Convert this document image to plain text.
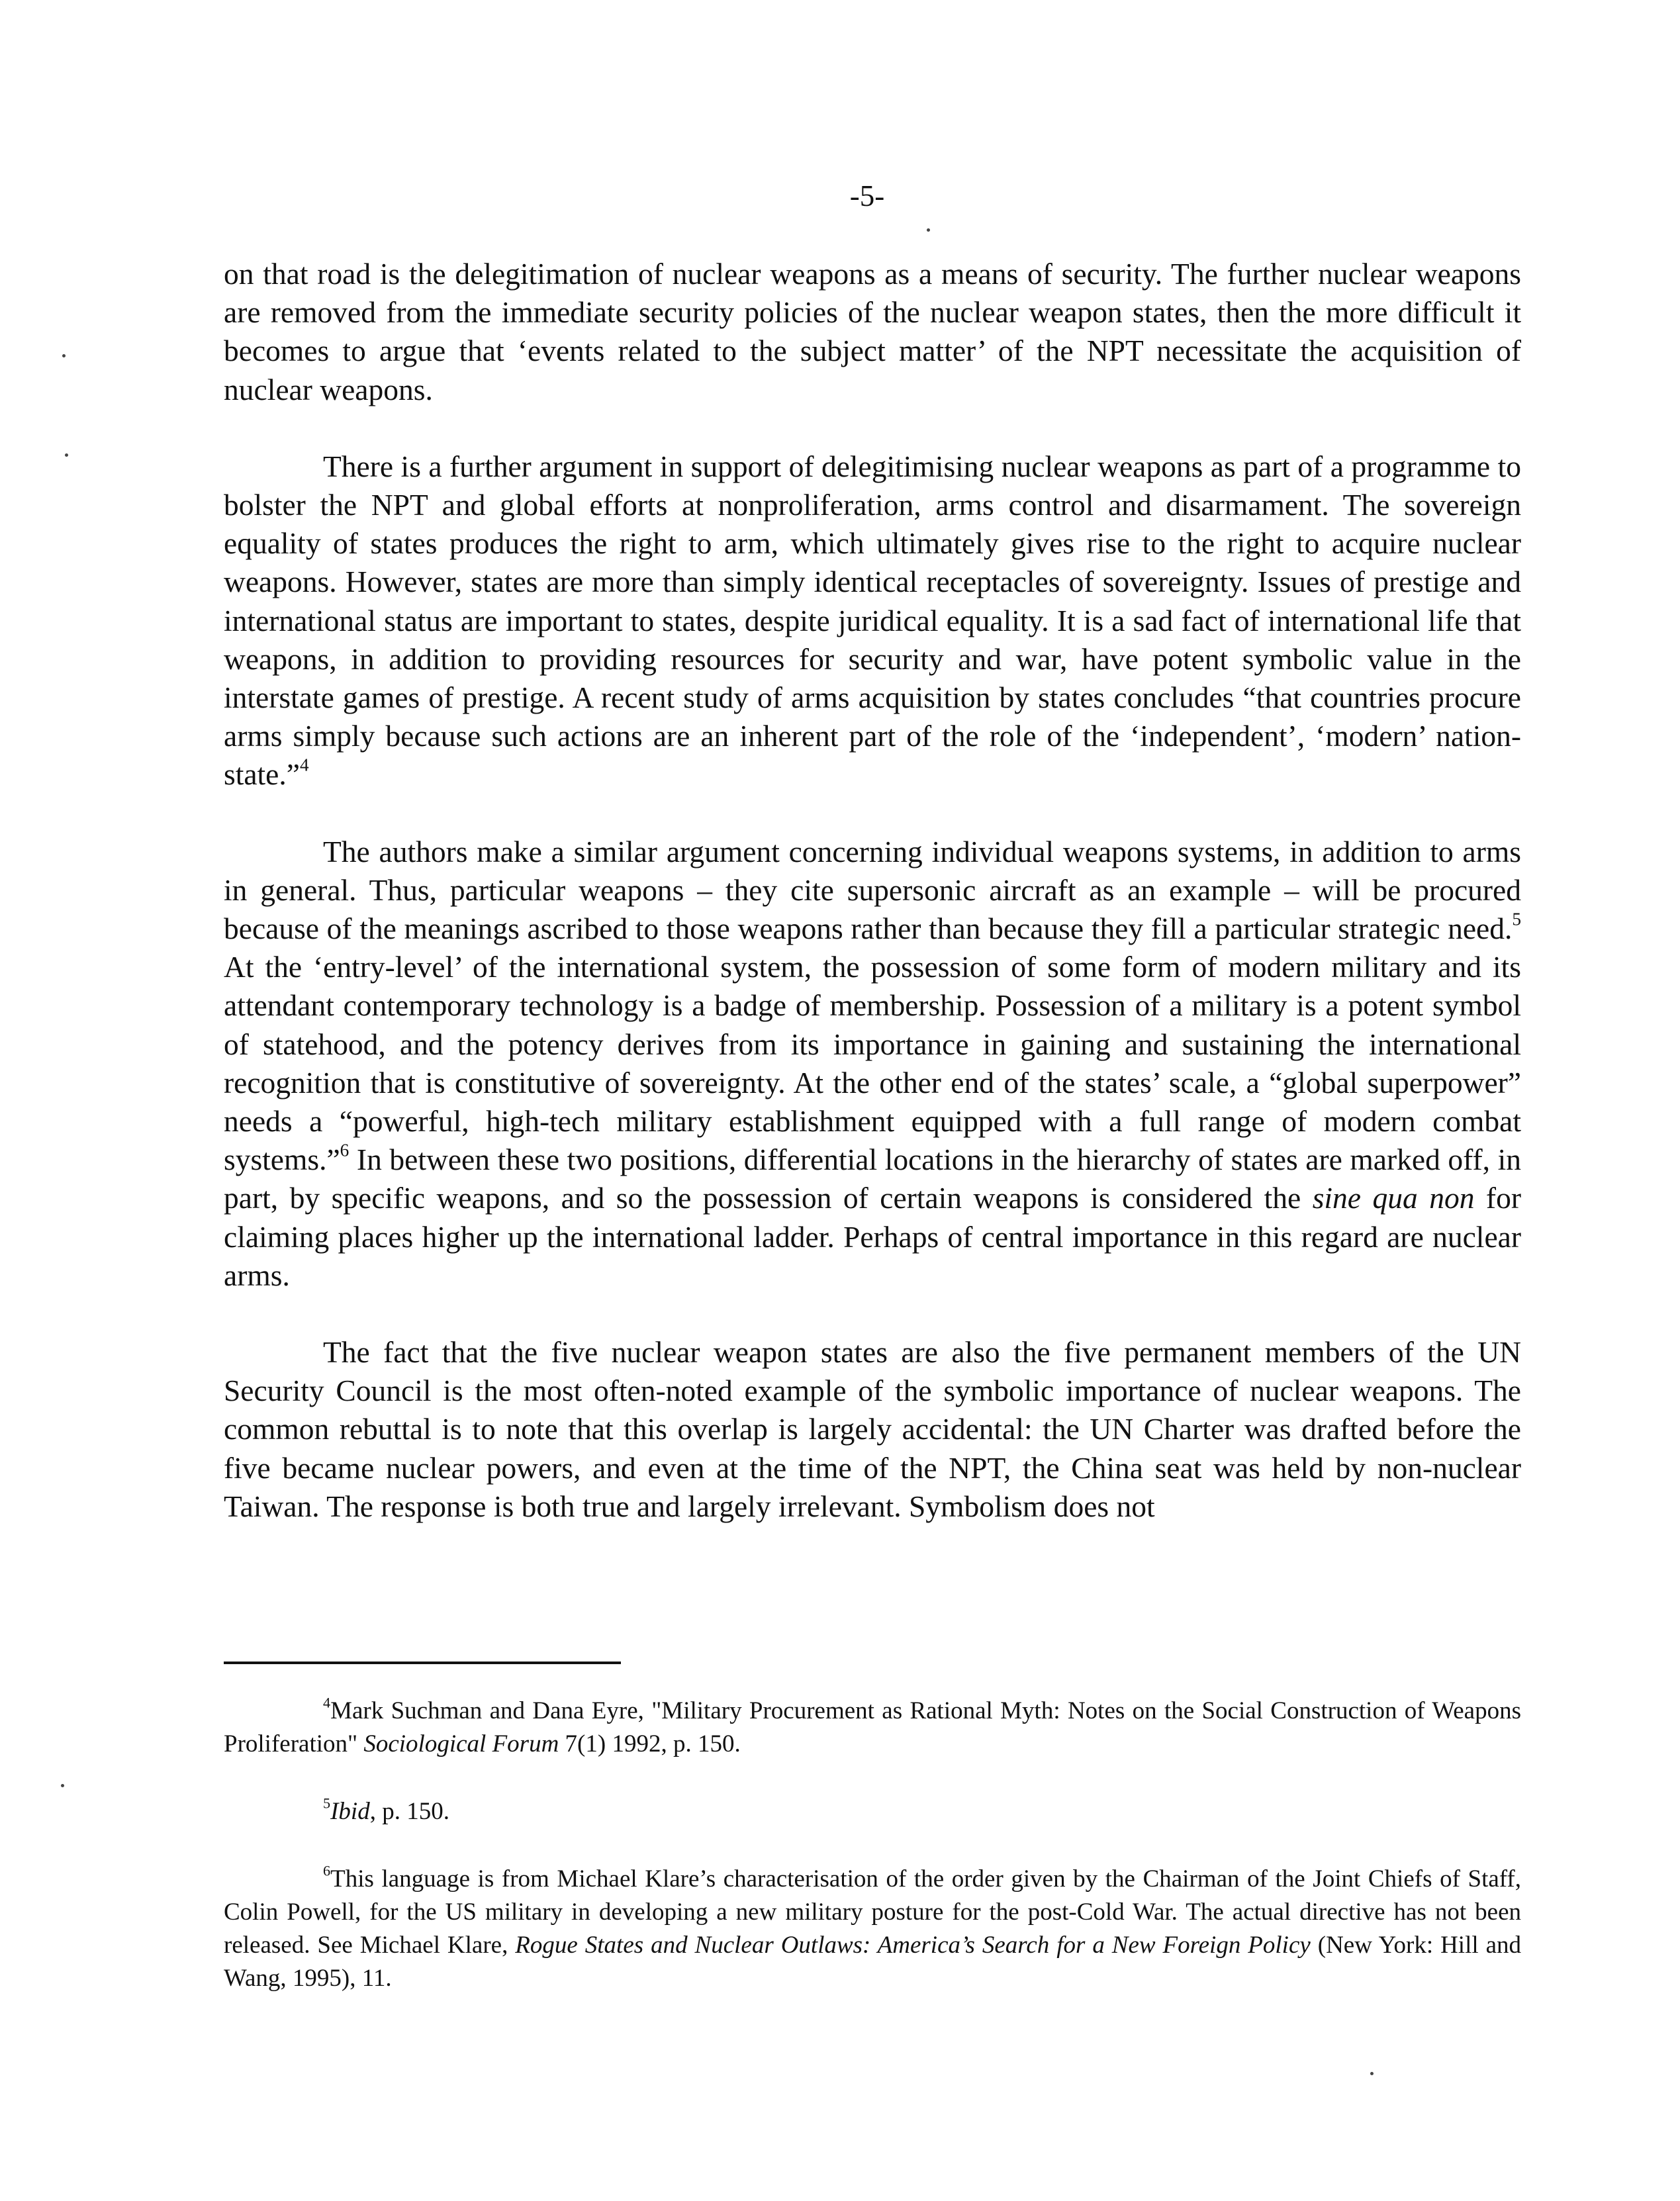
-5-

on that road is the delegitimation of nuclear weapons as a means of security. The further nuclear weapons are removed from the immediate security policies of the nuclear weapon states, then the more difficult it becomes to argue that ‘events related to the subject matter’ of the NPT necessitate the acquisition of nuclear weapons.

There is a further argument in support of delegitimising nuclear weapons as part of a programme to bolster the NPT and global efforts at nonproliferation, arms control and disarmament. The sovereign equality of states produces the right to arm, which ultimately gives rise to the right to acquire nuclear weapons. However, states are more than simply identical receptacles of sovereignty. Issues of prestige and international status are important to states, despite juridical equality. It is a sad fact of international life that weapons, in addition to providing resources for security and war, have potent symbolic value in the interstate games of prestige. A recent study of arms acquisition by states concludes “that countries procure arms simply because such actions are an inherent part of the role of the ‘independent’, ‘modern’ nation-state.”$^4$

The authors make a similar argument concerning individual weapons systems, in addition to arms in general. Thus, particular weapons – they cite supersonic aircraft as an example – will be procured because of the meanings ascribed to those weapons rather than because they fill a particular strategic need.$^5$ At the ‘entry-level’ of the international system, the possession of some form of modern military and its attendant contemporary technology is a badge of membership. Possession of a military is a potent symbol of statehood, and the potency derives from its importance in gaining and sustaining the international recognition that is constitutive of sovereignty. At the other end of the states’ scale, a “global superpower” needs a “powerful, high-tech military establishment equipped with a full range of modern combat systems.”$^6$ In between these two positions, differential locations in the hierarchy of states are marked off, in part, by specific weapons, and so the possession of certain weapons is considered the sine qua non for claiming places higher up the international ladder. Perhaps of central importance in this regard are nuclear arms.

The fact that the five nuclear weapon states are also the five permanent members of the UN Security Council is the most often-noted example of the symbolic importance of nuclear weapons. The common rebuttal is to note that this overlap is largely accidental: the UN Charter was drafted before the five became nuclear powers, and even at the time of the NPT, the China seat was held by non-nuclear Taiwan. The response is both true and largely irrelevant. Symbolism does not

$^4$Mark Suchman and Dana Eyre, "Military Procurement as Rational Myth: Notes on the Social Construction of Weapons Proliferation" Sociological Forum 7(1) 1992, p. 150.

$^5$Ibid, p. 150.

$^6$This language is from Michael Klare’s characterisation of the order given by the Chairman of the Joint Chiefs of Staff, Colin Powell, for the US military in developing a new military posture for the post-Cold War. The actual directive has not been released. See Michael Klare, Rogue States and Nuclear Outlaws: America’s Search for a New Foreign Policy (New York: Hill and Wang, 1995), 11.
